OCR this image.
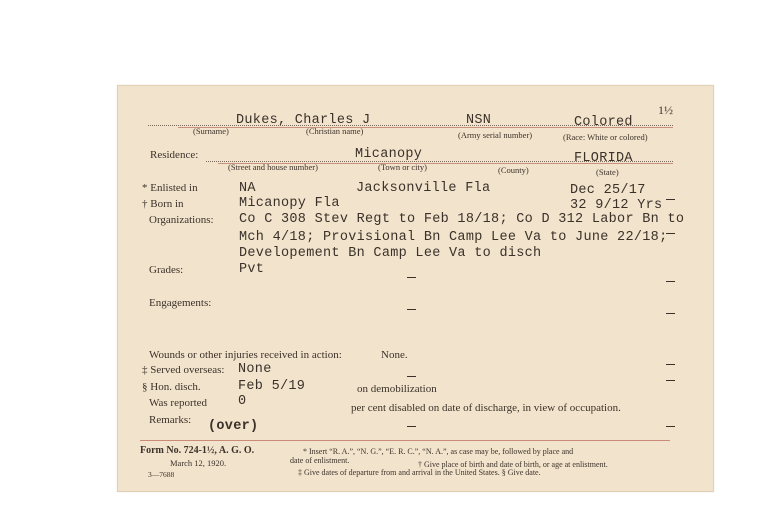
1½
Dukes, Charles J	NSN	Colored
(Surname)	(Christian name)	(Army serial number)	(Race: White or colored)
Residence:	Micanopy	FLORIDA
(Street and house number)	(Town or city)	(County)	(State)
* Enlisted in	NA	Jacksonville Fla	Dec 25/17
† Born in	Micanopy Fla	32 9/12 Yrs
Organizations: Co C 308 Stev Regt to Feb 18/18; Co D 312 Labor Bn to
Mch 4/18; Provisional Bn Camp Lee Va to June 22/18;
Developement Bn Camp Lee Va to disch
Grades:	Pvt
Engagements:
Wounds or other injuries received in action:	None.
‡ Served overseas: None
§ Hon. disch.	Feb 5/19	on demobilization
Was reported 0	per cent disabled on date of discharge, in view of occupation.
Remarks: (over)
Form No. 724-1½, A. G. O.
March 12, 1920.
3—7688
* Insert “R. A.”, “N. G.”, “E. R. C.”, “N. A.”, as case may be, followed by place and
date of enlistment.	† Give place of birth and date of birth, or age at enlistment.
‡ Give dates of departure from and arrival in the United States. § Give date.
